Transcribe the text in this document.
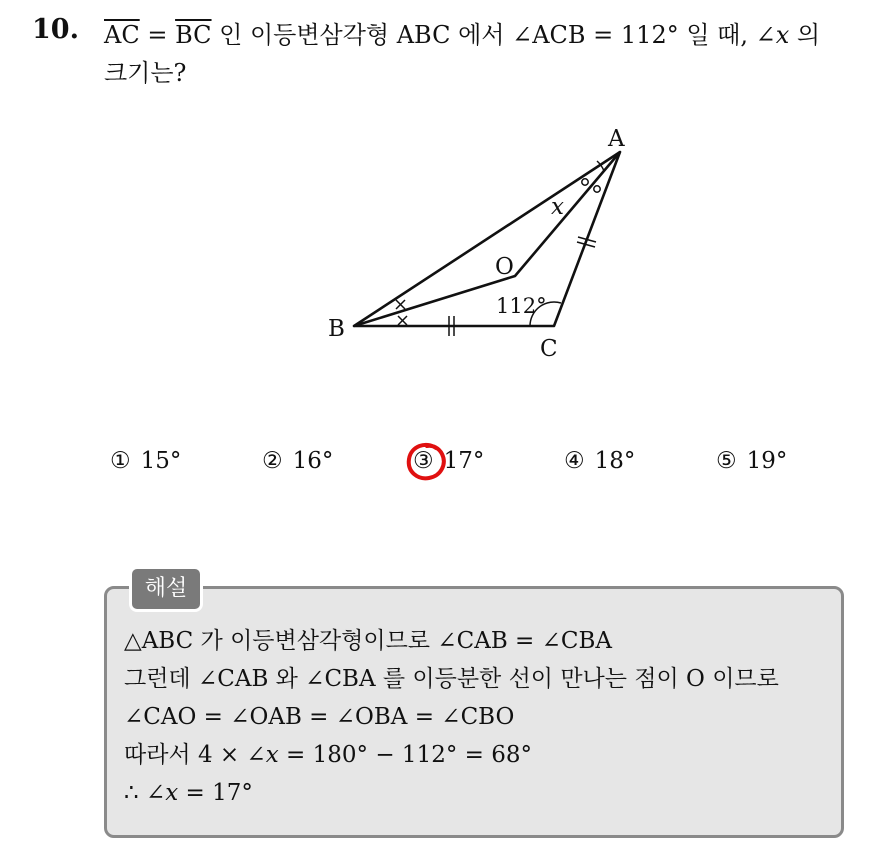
10. $\overline{AC} = \overline{BC}$ 인 이등변삼각형 ABC 에서 ∠ACB = 112° 일 때, ∠x 의
크기는?
A
B
C
O
x
112°
① 15°	② 16°	③ 17°	④ 18°	⑤ 19°
해설
△ABC 가 이등변삼각형이므로 ∠CAB = ∠CBA
그런데 ∠CAB 와 ∠CBA 를 이등분한 선이 만나는 점이 O 이므로
∠CAO = ∠OAB = ∠OBA = ∠CBO
따라서 4 × ∠x = 180° − 112° = 68°
∴ ∠x = 17°
